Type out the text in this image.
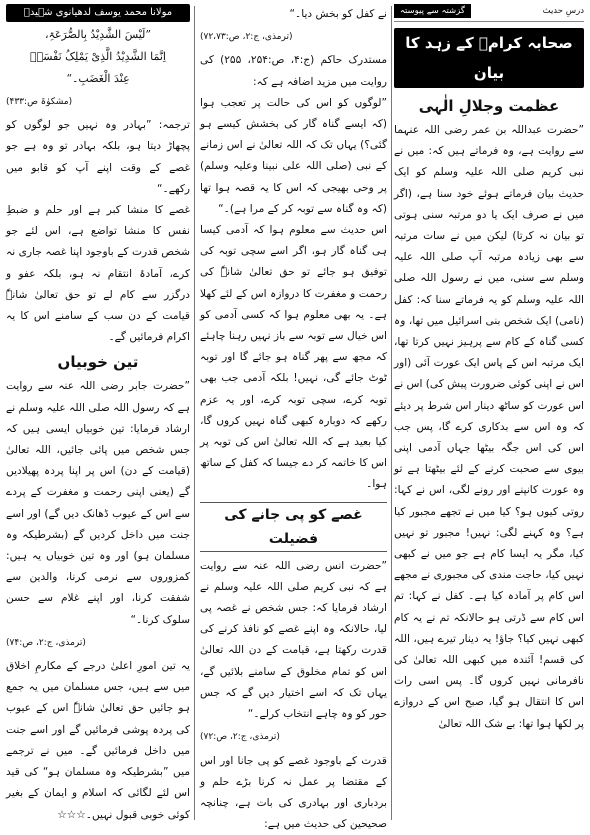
درسِ حدیث
گزشتہ سے پیوستہ
صحابہ کرامؓ کے زہد کا بیان
عظمت وجلالِ الٰہی

”حضرت عبداللہ بن عمر رضی اللہ عنہما سے روایت ہے، وہ فرماتے ہیں کہ: میں نے نبی کریم صلی اللہ علیہ وسلم کو ایک حدیث بیان فرماتے ہوئے خود سنا ہے، (اگر میں نے صرف ایک یا دو مرتبہ سنی ہوتی تو بیان نہ کرتا) لیکن میں نے سات مرتبہ سے بھی زیادہ مرتبہ آپ صلی اللہ علیہ وسلم سے سنی، میں نے رسول اللہ صلی اللہ علیہ وسلم کو یہ فرماتے سنا کہ: کفل (نامی) ایک شخص بنی اسرائیل میں تھا، وہ کسی گناہ کے کام سے پرہیز نہیں کرتا تھا، ایک مرتبہ اس کے پاس ایک عورت آئی (اور اس نے اپنی کوئی ضرورت پیش کی) اس نے اس عورت کو ساٹھ دینار اس شرط پر دیئے کہ وہ اس سے بدکاری کرے گا، پس جب اس کی اس جگہ بیٹھا جہاں آدمی اپنی بیوی سے صحبت کرنے کے لئے بیٹھتا ہے تو وہ عورت کانپنے اور رونے لگی، اس نے کہا: روتی کیوں ہو؟ کیا میں نے تجھے مجبور کیا ہے؟ وہ کہنے لگی: نہیں! مجبور تو نہیں کیا، مگر یہ ایسا کام ہے جو میں نے کبھی نہیں کیا، حاجت مندی کی مجبوری نے مجھے اس کام پر آمادہ کیا ہے۔ کفل نے کہا: تم اس کام سے ڈرتی ہو حالانکہ تم نے یہ کام کبھی نہیں کیا؟ جاؤ! یہ دینار تیرے ہیں، اللہ کی قسم! آئندہ میں کبھی اللہ تعالیٰ کی نافرمانی نہیں کروں گا۔ پس اسی رات اس کا انتقال ہو گیا، صبح اس کے دروازے پر لکھا ہوا تھا: بے شک اللہ تعالیٰ

نے کفل کو بخش دیا۔“

(ترمذی، ج:۲، ص:۷۲،۷۳)

مستدرک حاکم (ج:۴، ص:۲۵۴، ۲۵۵) کی روایت میں مزید اضافہ ہے کہ:

”لوگوں کو اس کی حالت پر تعجب ہوا (کہ ایسے گناہ گار کی بخشش کیسے ہو گئی؟) یہاں تک کہ اللہ تعالیٰ نے اس زمانے کے نبی (صلی اللہ علی نبینا وعلیہ وسلم) پر وحی بھیجی کہ اس کا یہ قصہ ہوا تھا (کہ وہ گناہ سے توبہ کر کے مرا ہے)۔“

اس حدیث سے معلوم ہوا کہ آدمی کیسا ہی گناہ گار ہو، اگر اسے سچی توبہ کی توفیق ہو جائے تو حق تعالیٰ شانہٗ کی رحمت و مغفرت کا دروازہ اس کے لئے کھلا ہے۔ یہ بھی معلوم ہوا کہ کسی آدمی کو اس خیال سے توبہ سے باز نہیں رہنا چاہئے کہ مجھ سے پھر گناہ ہو جائے گا اور توبہ ٹوٹ جائے گی، نہیں! بلکہ آدمی جب بھی توبہ کرے، سچی توبہ کرے، اور یہ عزم رکھے کہ دوبارہ کبھی گناہ نہیں کروں گا، کیا بعید ہے کہ اللہ تعالیٰ اس کی توبہ پر اس کا خاتمہ کر دے جیسا کہ کفل کے ساتھ ہوا۔

غصے کو پی جانے کی فضیلت

”حضرت انس رضی اللہ عنہ سے روایت ہے کہ نبی کریم صلی اللہ علیہ وسلم نے ارشاد فرمایا کہ: جس شخص نے غصہ پی لیا، حالانکہ وہ اپنے غصے کو نافذ کرنے کی قدرت رکھتا ہے، قیامت کے دن اللہ تعالیٰ اس کو تمام مخلوق کے سامنے بلائیں گے، یہاں تک کہ اسے اختیار دیں گے کہ جس حور کو وہ چاہے انتخاب کرلے۔“

(ترمذی، ج:۲، ص:۷۲)

قدرت کے باوجود غصے کو پی جانا اور اس کے مقتضا پر عمل نہ کرنا بڑے حلم و بردباری اور بہادری کی بات ہے، چنانچہ صحیحین کی حدیث میں ہے:

مولانا محمد یوسف لدھیانوی شہیدؒ

”لَیْسَ الشَّدِیْدُ بِالصُّرَعَۃِ،

اِنَّمَا الشَّدِیْدُ الَّذِیْ یَمْلِکُ نَفْسَہٗ

عِنْدَ الْغَضَبِ۔“

(مشکوٰۃ ص:۴۳۳)

ترجمہ: ”بہادر وہ نہیں جو لوگوں کو پچھاڑ دیتا ہو، بلکہ بہادر تو وہ ہے جو غصے کے وقت اپنے آپ کو قابو میں رکھے۔“

غصے کا منشا کبر ہے اور حلم و ضبطِ نفس کا منشا تواضع ہے، اس لئے جو شخص قدرت کے باوجود اپنا غصہ جاری نہ کرے، آمادۂ انتقام نہ ہو، بلکہ عفو و درگزر سے کام لے تو حق تعالیٰ شانہٗ قیامت کے دن سب کے سامنے اس کا یہ اکرام فرمائیں گے۔

تین خوبیاں

”حضرت جابر رضی اللہ عنہ سے روایت ہے کہ رسول اللہ صلی اللہ علیہ وسلم نے ارشاد فرمایا: تین خوبیاں ایسی ہیں کہ جس شخص میں پائی جائیں، اللہ تعالیٰ (قیامت کے دن) اس پر اپنا پردہ پھیلادیں گے (یعنی اپنی رحمت و مغفرت کے پردے سے اس کے عیوب ڈھانک دیں گے) اور اسے جنت میں داخل کردیں گے (بشرطیکہ وہ مسلمان ہو) اور وہ تین خوبیاں یہ ہیں: کمزوروں سے نرمی کرنا، والدین سے شفقت کرنا، اور اپنے غلام سے حسن سلوک کرنا۔“

(ترمذی، ج:۲، ص:۷۴)

یہ تین امورِ اعلیٰ درجے کے مکارمِ اخلاق میں سے ہیں، جس مسلمان میں یہ جمع ہو جائیں حق تعالیٰ شانہٗ اس کے عیوب کی پردہ پوشی فرمائیں گے اور اسے جنت میں داخل فرمائیں گے۔ میں نے ترجمے میں ”بشرطیکہ وہ مسلمان ہو“ کی قید اس لئے لگائی کہ اسلام و ایمان کے بغیر کوئی خوبی قبول نہیں۔☆☆☆
